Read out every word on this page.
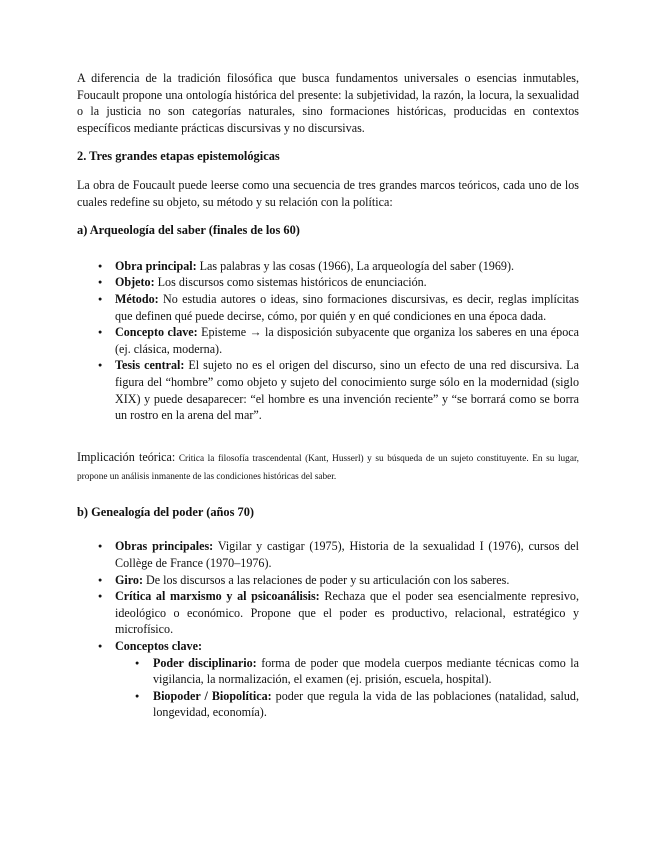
A diferencia de la tradición filosófica que busca fundamentos universales o esencias inmutables, Foucault propone una ontología histórica del presente: la subjetividad, la razón, la locura, la sexualidad o la justicia no son categorías naturales, sino formaciones históricas, producidas en contextos específicos mediante prácticas discursivas y no discursivas.

2. Tres grandes etapas epistemológicas

La obra de Foucault puede leerse como una secuencia de tres grandes marcos teóricos, cada uno de los cuales redefine su objeto, su método y su relación con la política:

a) Arqueología del saber (finales de los 60)
● Obra principal: Las palabras y las cosas (1966), La arqueología del saber (1969).
● Objeto: Los discursos como sistemas históricos de enunciación.
● Método: No estudia autores o ideas, sino formaciones discursivas, es decir, reglas implícitas que definen qué puede decirse, cómo, por quién y en qué condiciones en una época dada.
● Concepto clave: Episteme → la disposición subyacente que organiza los saberes en una época (ej. clásica, moderna).
● Tesis central: El sujeto no es el origen del discurso, sino un efecto de una red discursiva. La figura del “hombre” como objeto y sujeto del conocimiento surge sólo en la modernidad (siglo XIX) y puede desaparecer: “el hombre es una invención reciente” y “se borrará como se borra un rostro en la arena del mar”.

Implicación teórica: Critica la filosofía trascendental (Kant, Husserl) y su búsqueda de un sujeto constituyente. En su lugar, propone un análisis inmanente de las condiciones históricas del saber.

b) Genealogía del poder (años 70)
● Obras principales: Vigilar y castigar (1975), Historia de la sexualidad I (1976), cursos del Collège de France (1970–1976).
● Giro: De los discursos a las relaciones de poder y su articulación con los saberes.
● Crítica al marxismo y al psicoanálisis: Rechaza que el poder sea esencialmente represivo, ideológico o económico. Propone que el poder es productivo, relacional, estratégico y microfísico.
● Conceptos clave:
● Poder disciplinario: forma de poder que modela cuerpos mediante técnicas como la vigilancia, la normalización, el examen (ej. prisión, escuela, hospital).
● Biopoder / Biopolítica: poder que regula la vida de las poblaciones (natalidad, salud, longevidad, economía).
